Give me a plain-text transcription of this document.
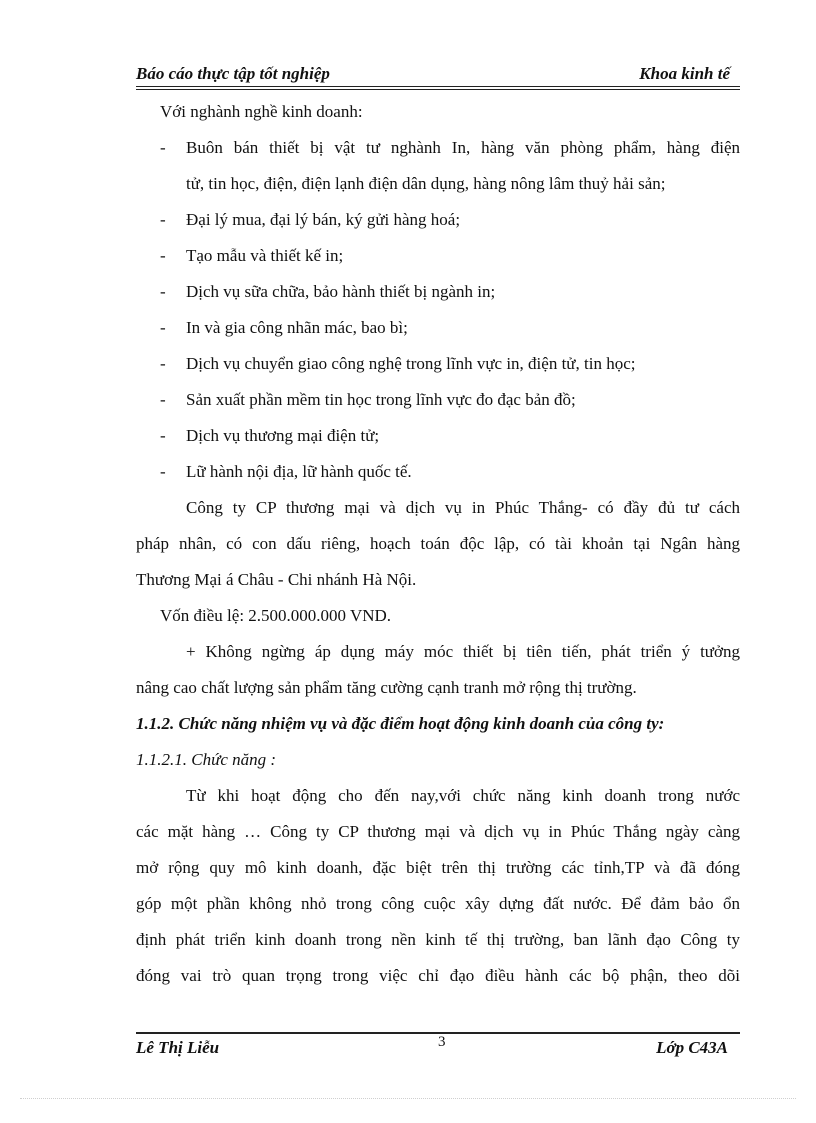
Báo cáo thực tập tốt nghiệp	Khoa kinh tế
Với nghành nghề kinh doanh:
- Buôn bán thiết bị vật tư nghành In, hàng văn phòng phẩm, hàng điện
tử, tin học, điện, điện lạnh điện dân dụng, hàng nông lâm thuỷ hải sản;
- Đại lý mua, đại lý bán, ký gửi hàng hoá;
- Tạo mẫu và thiết kế in;
- Dịch vụ sữa chữa, bảo hành thiết bị ngành in;
- In và gia công nhãn mác, bao bì;
- Dịch vụ chuyển giao công nghệ trong lĩnh vực in, điện tử, tin học;
- Sản xuất phần mềm tin học trong lĩnh vực đo đạc bản đồ;
- Dịch vụ thương mại điện tử;
- Lữ hành nội địa, lữ hành quốc tế.
Công ty CP thương mại và dịch vụ in Phúc Thắng- có đầy đủ tư cách
pháp nhân, có con dấu riêng, hoạch toán độc lập, có tài khoản tại Ngân hàng
Thương Mại á Châu - Chi nhánh Hà Nội.
Vốn điều lệ: 2.500.000.000 VND.
+ Không ngừng áp dụng máy móc thiết bị tiên tiến, phát triển ý tưởng
nâng cao chất lượng sản phẩm tăng cường cạnh tranh mở rộng thị trường.
1.1.2. Chức năng nhiệm vụ và đặc điểm hoạt động kinh doanh của công ty:
1.1.2.1. Chức năng :
Từ khi hoạt động cho đến nay,với chức năng kinh doanh trong nước
các mặt hàng … Công ty CP thương mại và dịch vụ in Phúc Thắng ngày càng
mở rộng quy mô kinh doanh, đặc biệt trên thị trường các tỉnh,TP và đã đóng
góp một phần không nhỏ trong công cuộc xây dựng đất nước. Để đảm bảo ổn
định phát triển kinh doanh trong nền kinh tế thị trường, ban lãnh đạo Công ty
đóng vai trò quan trọng trong việc chỉ đạo điều hành các bộ phận, theo dõi
Lê Thị Liễu	3	Lớp C43A
